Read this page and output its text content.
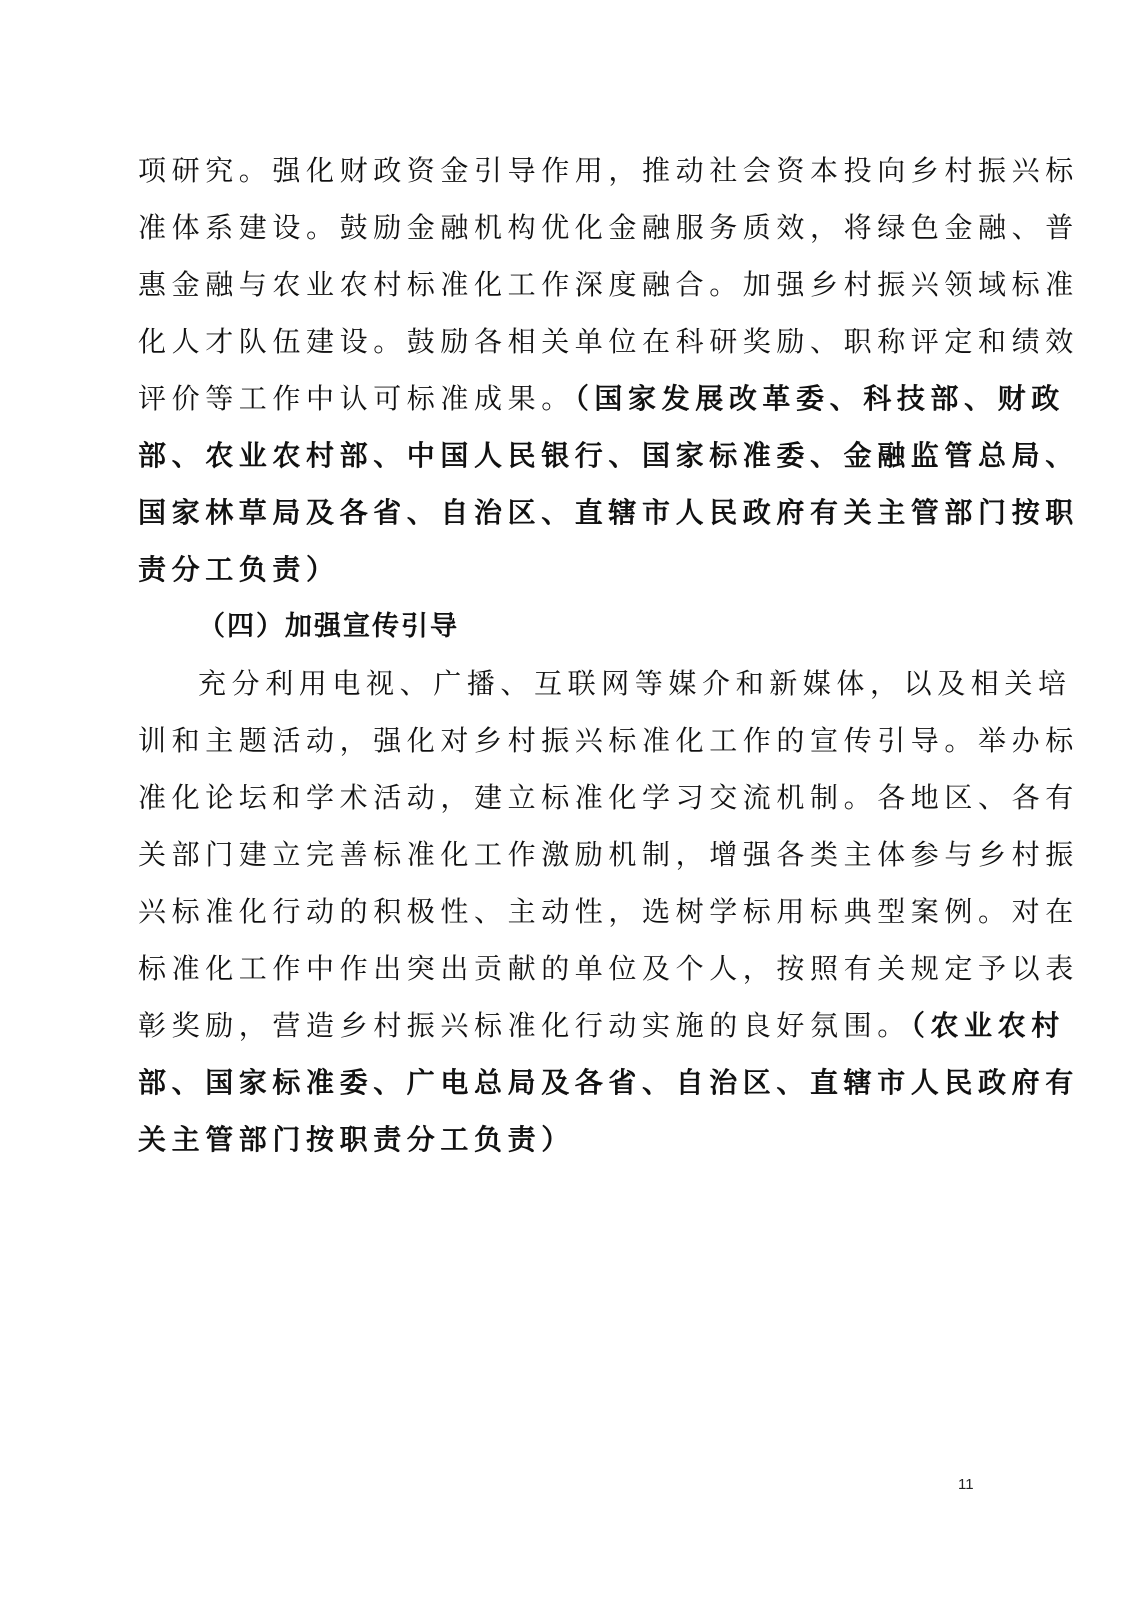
项研究。强化财政资金引导作用，推动社会资本投向乡村振兴标
准体系建设。鼓励金融机构优化金融服务质效，将绿色金融、普
惠金融与农业农村标准化工作深度融合。加强乡村振兴领域标准
化人才队伍建设。鼓励各相关单位在科研奖励、职称评定和绩效
评价等工作中认可标准成果。（国家发展改革委、科技部、财政
部、农业农村部、中国人民银行、国家标准委、金融监管总局、
国家林草局及各省、自治区、直辖市人民政府有关主管部门按职
责分工负责）
（四）加强宣传引导
充分利用电视、广播、互联网等媒介和新媒体，以及相关培
训和主题活动，强化对乡村振兴标准化工作的宣传引导。举办标
准化论坛和学术活动，建立标准化学习交流机制。各地区、各有
关部门建立完善标准化工作激励机制，增强各类主体参与乡村振
兴标准化行动的积极性、主动性，选树学标用标典型案例。对在
标准化工作中作出突出贡献的单位及个人，按照有关规定予以表
彰奖励，营造乡村振兴标准化行动实施的良好氛围。（农业农村
部、国家标准委、广电总局及各省、自治区、直辖市人民政府有
关主管部门按职责分工负责）
11
